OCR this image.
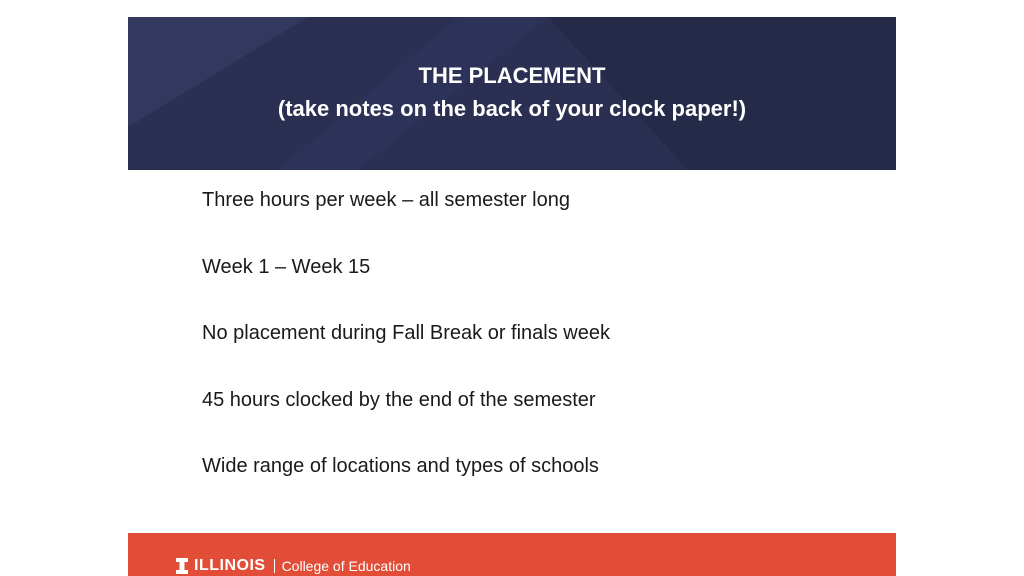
THE PLACEMENT
(take notes on the back of your clock paper!)
Three hours per week – all semester long
Week 1 – Week 15
No placement during Fall Break or finals week
45 hours clocked by the end of the semester
Wide range of locations and types of schools
ILLINOIS College of Education
